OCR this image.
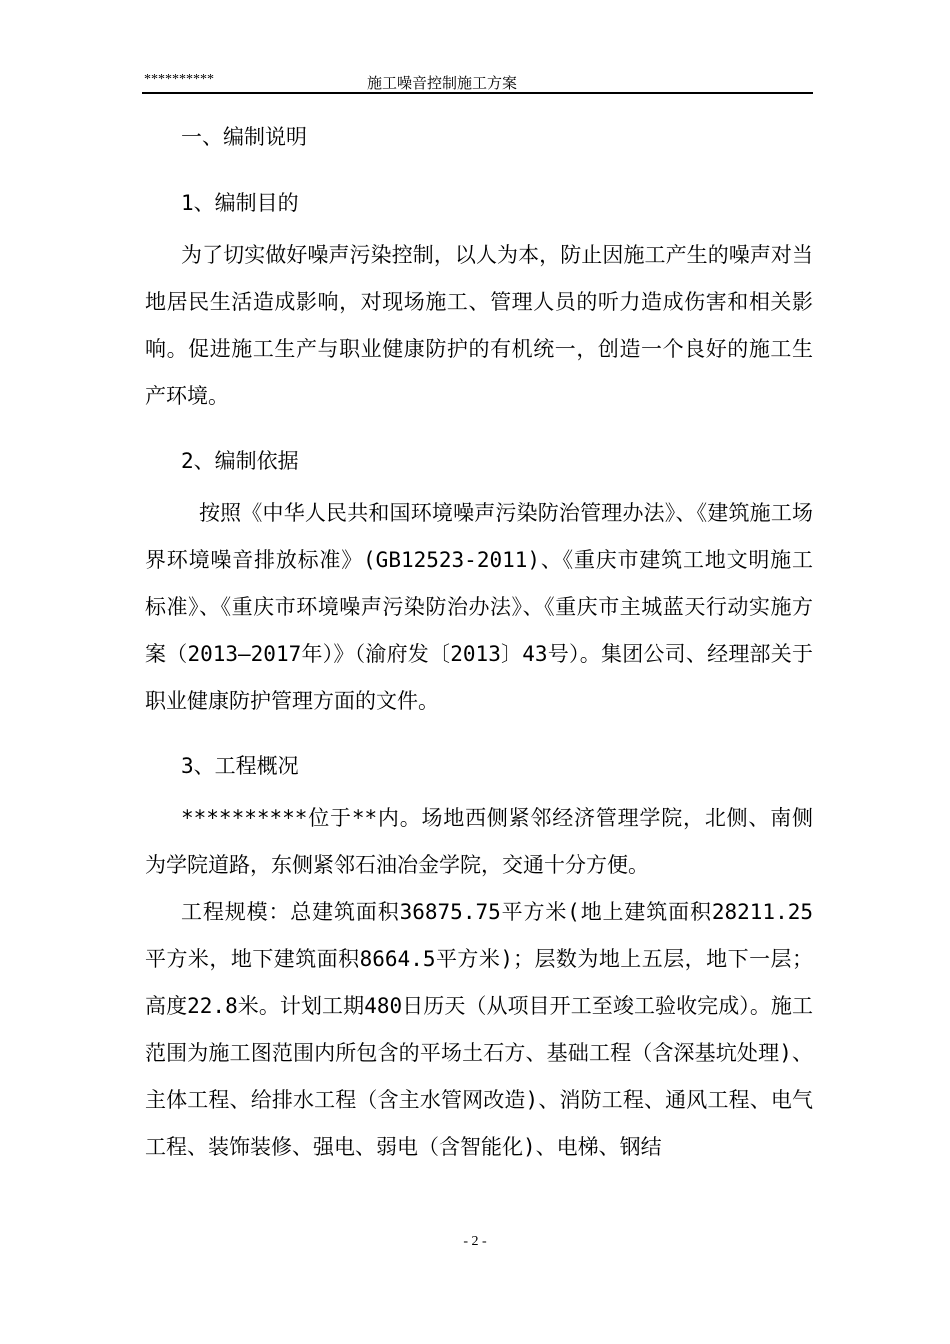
**********	施工噪音控制施工方案
一、编制说明
1、编制目的

为了切实做好噪声污染控制，以人为本，防止因施工产生的噪声对当地居民生活造成影响，对现场施工、管理人员的听力造成伤害和相关影响。促进施工生产与职业健康防护的有机统一，创造一个良好的施工生产环境。

2、编制依据

按照《中华人民共和国环境噪声污染防治管理办法》、《建筑施工场界环境噪音排放标准》(GB12523-2011)、《重庆市建筑工地文明施工标准》、《重庆市环境噪声污染防治办法》、《重庆市主城蓝天行动实施方案（2013—2017年）》（渝府发〔2013〕43号）。集团公司、经理部关于职业健康防护管理方面的文件。

3、工程概况

**********位于**内。场地西侧紧邻经济管理学院，北侧、南侧为学院道路，东侧紧邻石油冶金学院，交通十分方便。

工程规模：总建筑面积36875.75平方米(地上建筑面积28211.25平方米，地下建筑面积8664.5平方米)；层数为地上五层，地下一层；高度22.8米。计划工期480日历天（从项目开工至竣工验收完成）。施工范围为施工图范围内所包含的平场土石方、基础工程（含深基坑处理)、主体工程、给排水工程（含主水管网改造)、消防工程、通风工程、电气工程、装饰装修、强电、弱电（含智能化)、电梯、钢结

- 2 -
